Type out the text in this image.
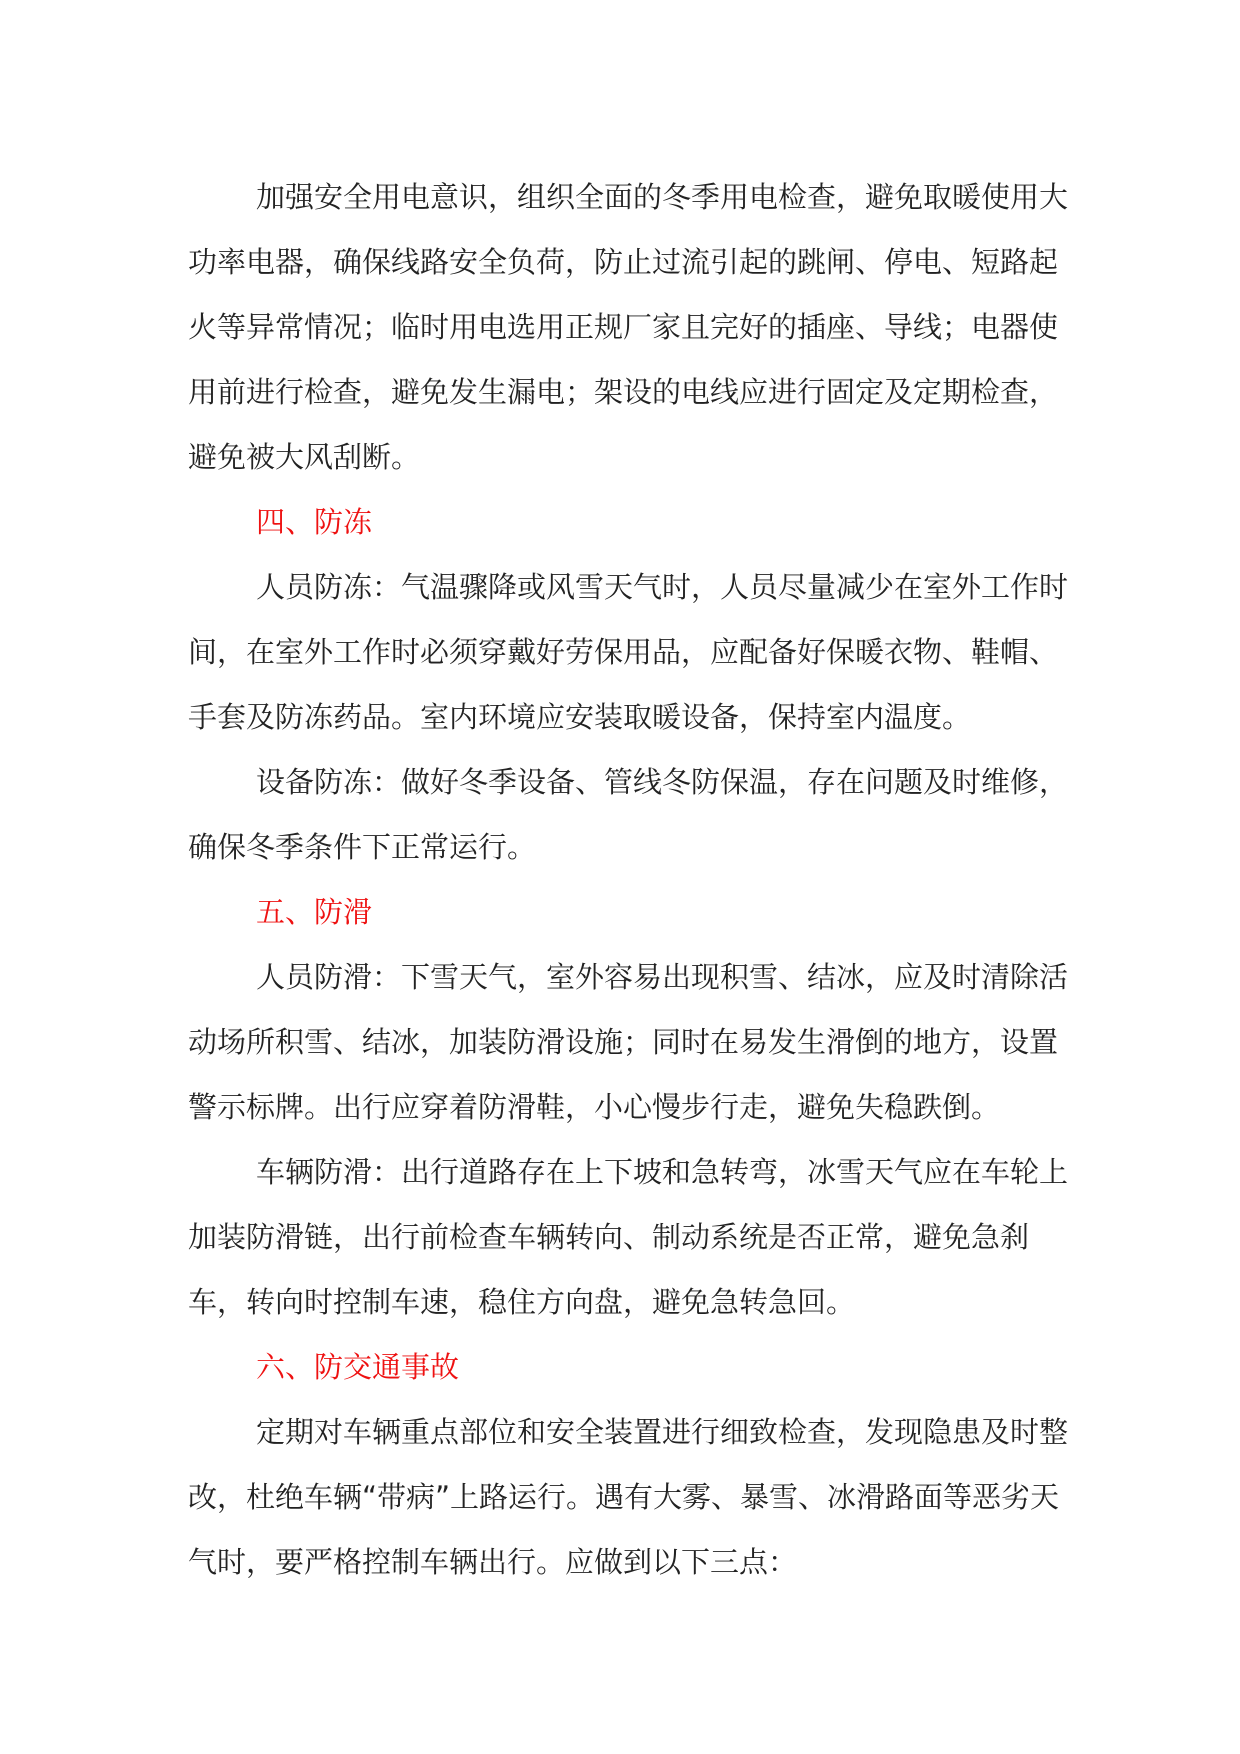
加强安全用电意识，组织全面的冬季用电检查，避免取暖使用大功率电器，确保线路安全负荷，防止过流引起的跳闸、停电、短路起火等异常情况；临时用电选用正规厂家且完好的插座、导线；电器使用前进行检查，避免发生漏电；架设的电线应进行固定及定期检查，避免被大风刮断。

四、防冻

人员防冻：气温骤降或风雪天气时，人员尽量减少在室外工作时间，在室外工作时必须穿戴好劳保用品，应配备好保暖衣物、鞋帽、手套及防冻药品。室内环境应安装取暖设备，保持室内温度。

设备防冻：做好冬季设备、管线冬防保温，存在问题及时维修，确保冬季条件下正常运行。

五、防滑

人员防滑：下雪天气，室外容易出现积雪、结冰，应及时清除活动场所积雪、结冰，加装防滑设施；同时在易发生滑倒的地方，设置警示标牌。出行应穿着防滑鞋，小心慢步行走，避免失稳跌倒。

车辆防滑：出行道路存在上下坡和急转弯，冰雪天气应在车轮上加装防滑链，出行前检查车辆转向、制动系统是否正常，避免急刹车，转向时控制车速，稳住方向盘，避免急转急回。

六、防交通事故

定期对车辆重点部位和安全装置进行细致检查，发现隐患及时整改，杜绝车辆“带病”上路运行。遇有大雾、暴雪、冰滑路面等恶劣天气时，要严格控制车辆出行。应做到以下三点：
